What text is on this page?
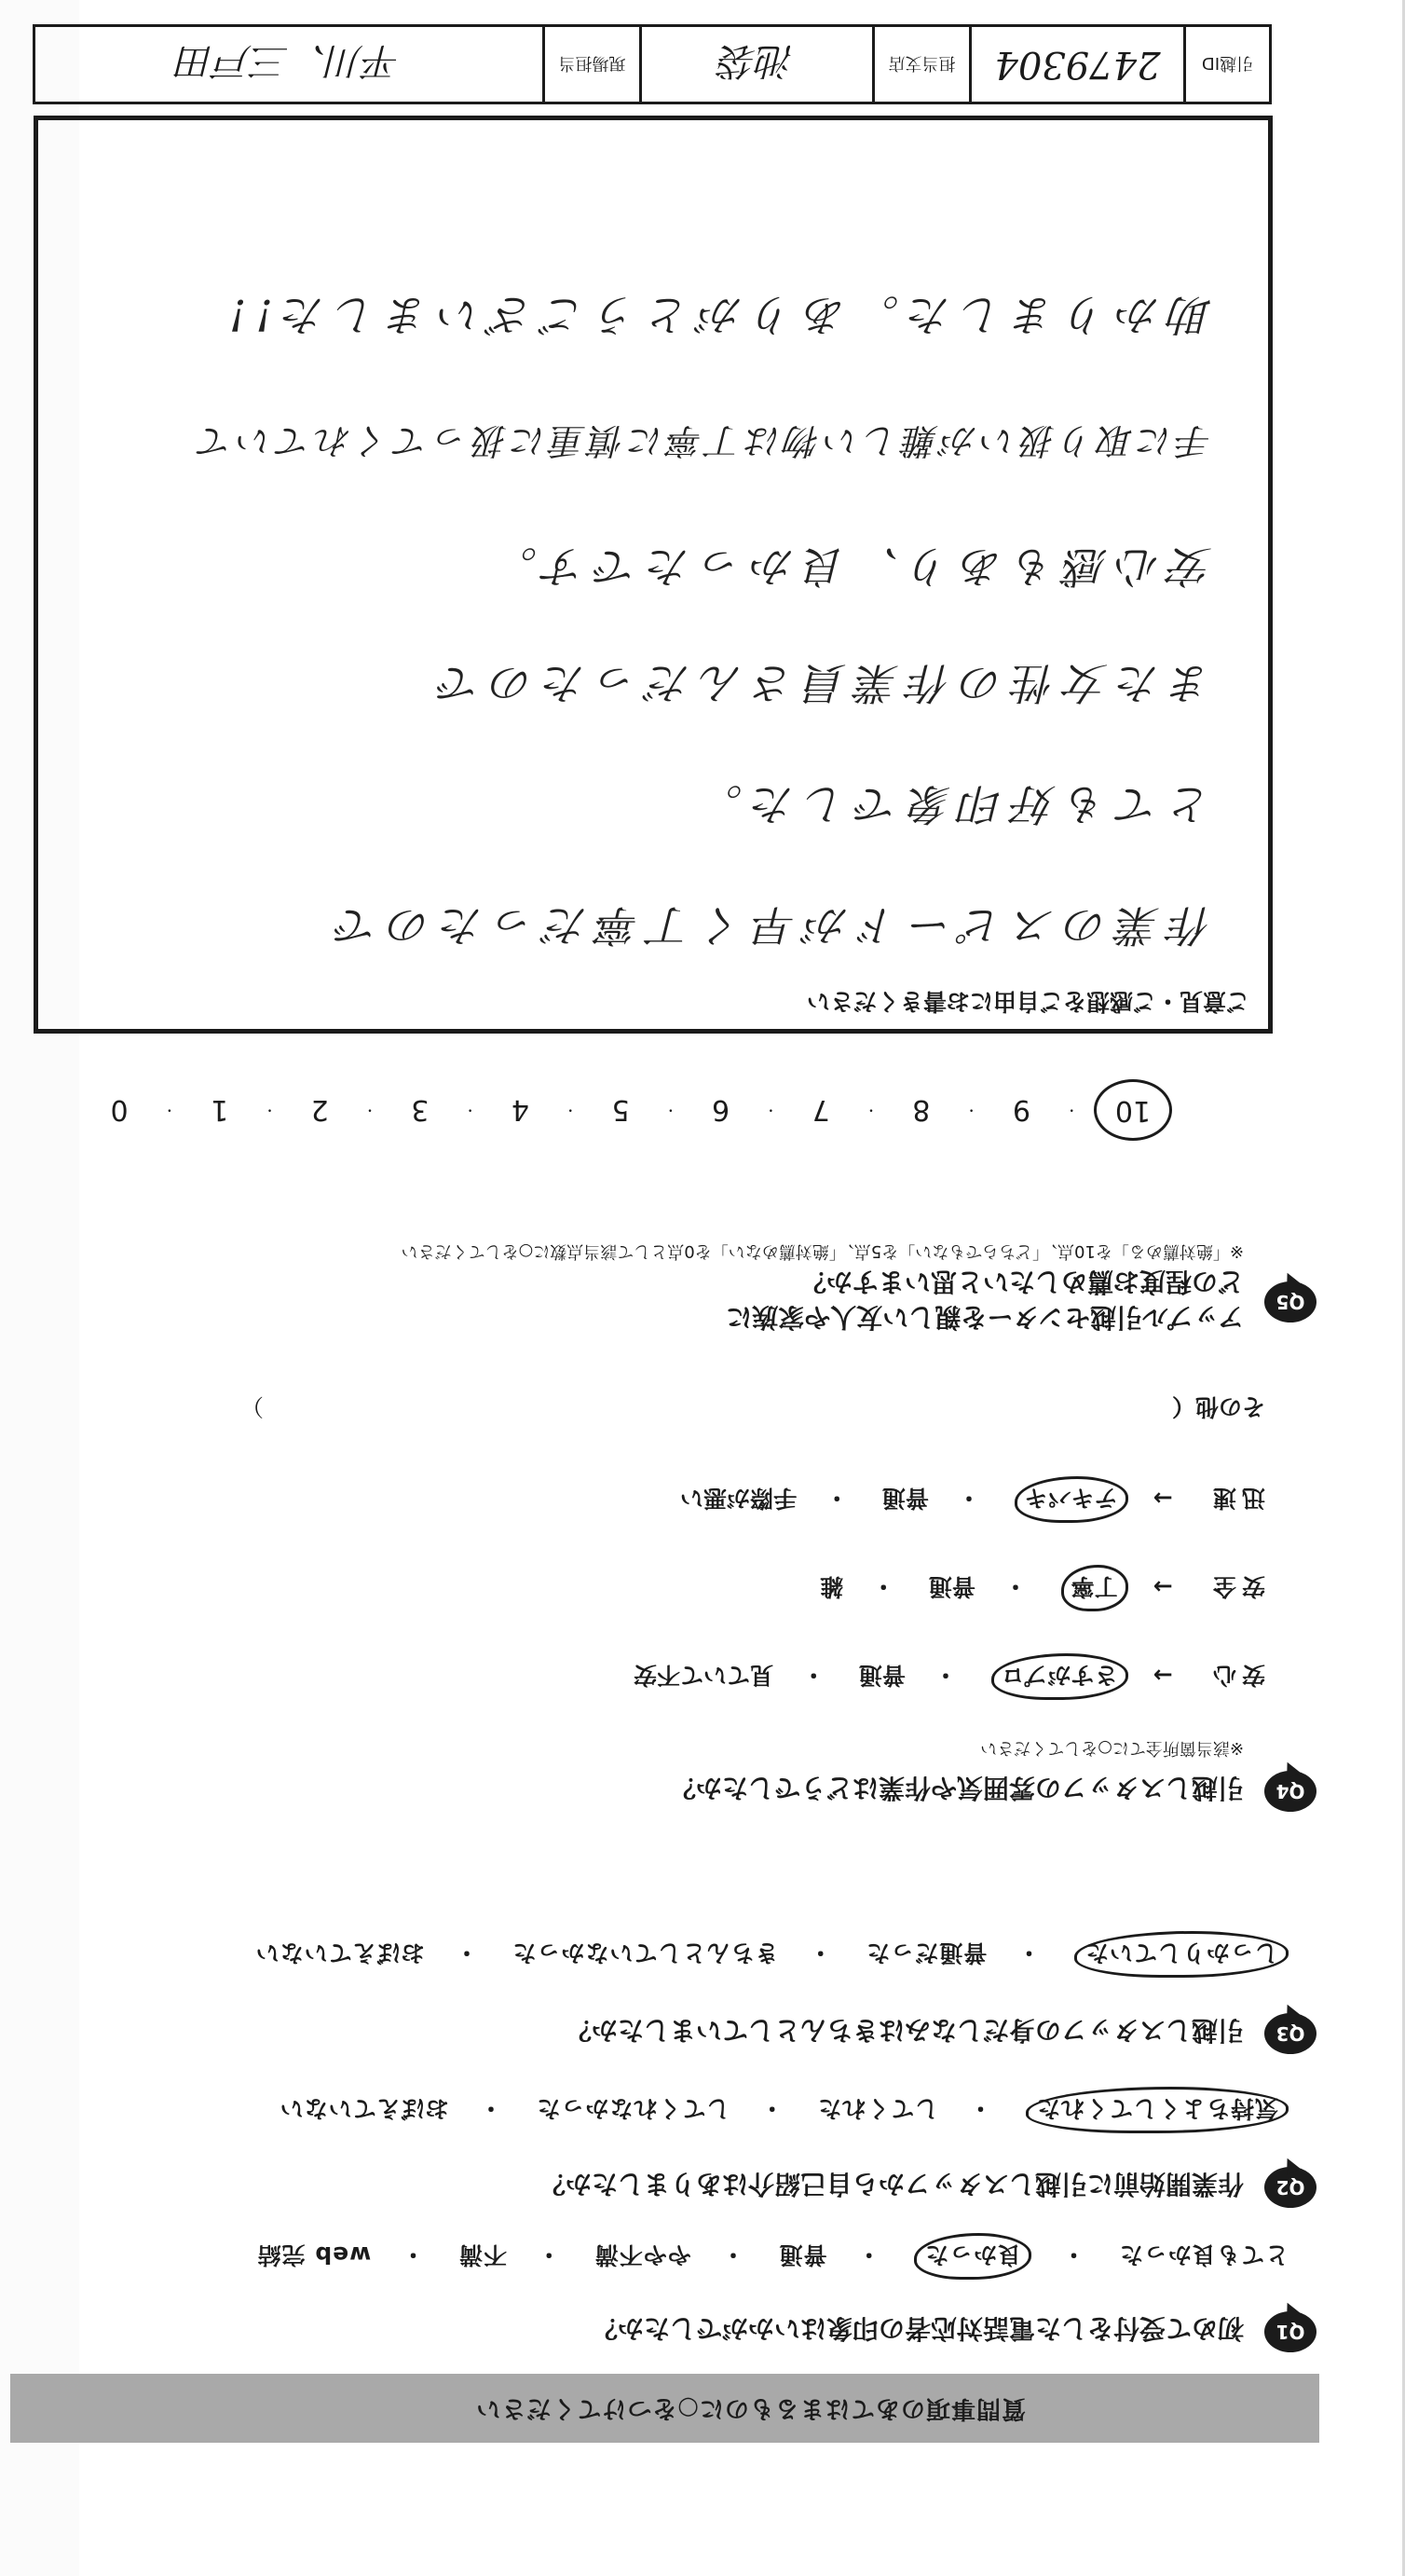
質問事項のあてはまるものに○をつけてください
Q1
初めて受付をした電話対応者の印象はいかがでしたか？
とても良かった・ 良かった・ 普通・ やや不満・ 不満・ web 完結
Q2
作業開始前に引越しスタッフから自己紹介はありましたか？
気持ちよくしてくれた・ してくれた・ してくれなかった・ おぼえていない
Q3
引越しスタッフの身だしなみはきちんとしていましたか？
しっかりしていた・ 普通だった・ きちんとしていなかった・ おぼえていない
Q4
引越しスタッフの雰囲気や作業はどうでしたか？
※該当箇所全てに○をしてください
安心 → さすがプロ・ 普通・ 見ていて不安
安全 → 丁寧・ 普通・ 雑
迅速 → テキパキ・ 普通・ 手際が悪い
その他（
）
Q5
アップル引越センターを親しい友人や家族に
どの程度お薦めしたいと思いますか？
※「絶対薦める」を10点、「どちらでもない」を5点、「絶対薦めない」を0点として該当点数に○をしてください
10
・
9
・
8
・
7
・
6
・
5
・
4
・
3
・
2
・
1
・
0
ご意見・ご感想をご自由にお書きください
作業のスピードが早く丁寧だったので
とても好印象でした。
また女性の作業員さんだったので
安心感もあり、良かったです。
手に取り扱いが難しい物は丁寧に慎重に扱ってくれていて
助かりました。ありがとうございました!!
引越ID
2479304
担当支店
池袋
現場担当
平川、三戸田
